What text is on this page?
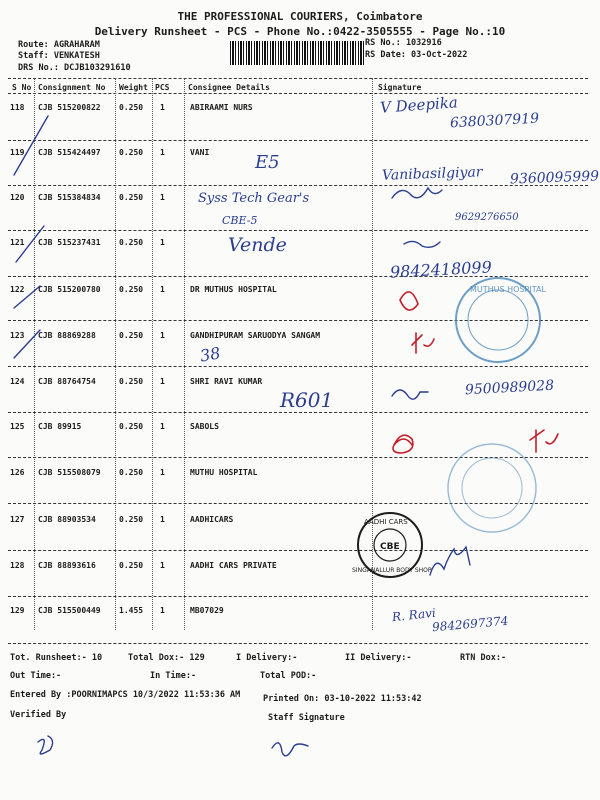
THE PROFESSIONAL COURIERS, Coimbatore
Delivery Runsheet - PCS - Phone No.:0422-3505555 - Page No.:10
Route: AGRAHARAM
Staff: VENKATESH
DRS No.: DCJB103291610
RS No.: 1032916
RS Date: 03-Oct-2022
S No Consignment No Weight PCS Consignee Details	Signature
118 CJB 515200822 0.250 1	ABIRAAMI NURS
119 CJB 515424497 0.250 1	VANI
120 CJB 515384834 0.250 1
121 CJB 515237431 0.250 1
122 CJB 515200780 0.250 1	DR MUTHUS HOSPITAL
123 CJB 88869288	0.250 1	GANDHIPURAM SARUODYA SANGAM
124 CJB 88764754	0.250 1	SHRI RAVI KUMAR
125 CJB 89915	0.250 1	SABOLS
126 CJB 515508079 0.250 1	MUTHU HOSPITAL
127 CJB 88903534	0.250 1	AADHICARS
128 CJB 88893616	0.250 1	AADHI CARS PRIVATE
129 CJB 515500449 1.455 1	MB07029
V Deepika
6380307919
E5
Vanibasilgiyar 9360095999
Syss Tech Gear's
CBE-5	9629276650
Vende
9842418099
38
R601	9500989028
R. Ravi
9842697374
MUTHUS HOSPITAL
AADHI CARS
CBE
SINGANALLUR BODY SHOP
Tot. Runsheet:- 10	Total Dox:- 129	I Delivery:-	II Delivery:-	RTN Dox:-
Out Time:-	In Time:-	Total POD:-
Entered By :POORNIMAPCS 10/3/2022 11:53:36 AM	Printed On: 03-10-2022 11:53:42
Verified By	Staff Signature
